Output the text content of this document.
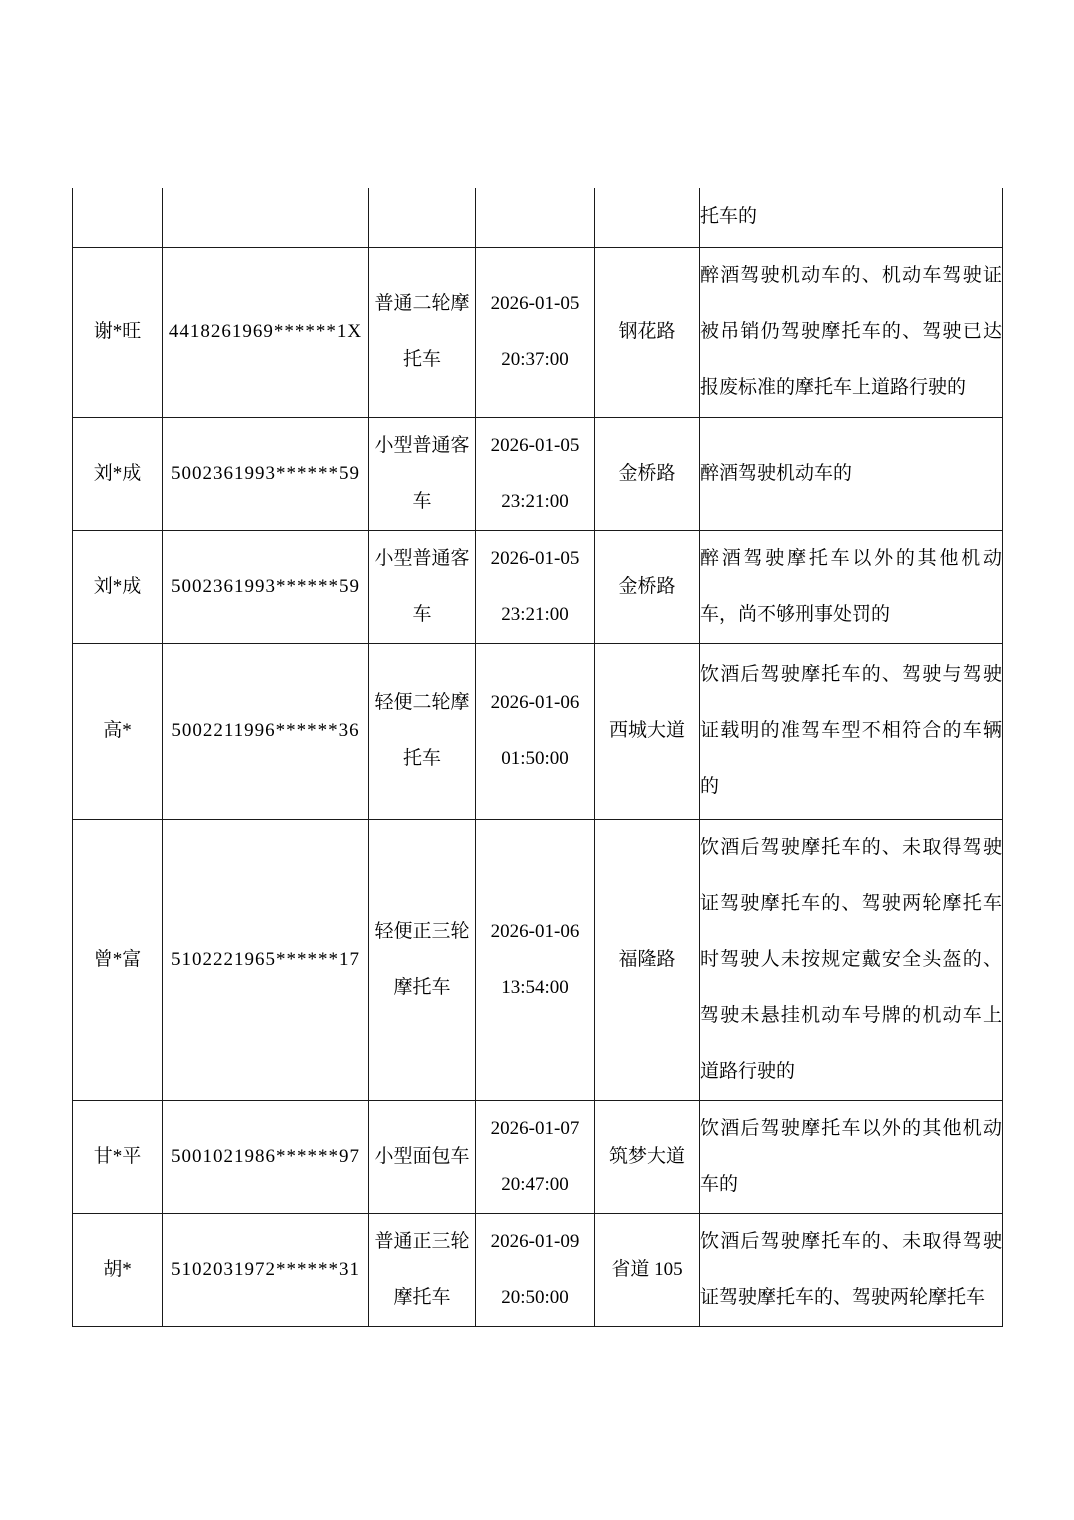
					托车的
谢*旺	4418261969******1X	普通二轮摩托车	2026-01-05 20:37:00	钢花路	醉酒驾驶机动车的、机动车驾驶证被吊销仍驾驶摩托车的、驾驶已达报废标准的摩托车上道路行驶的
刘*成	5002361993******59	小型普通客车	2026-01-05 23:21:00	金桥路	醉酒驾驶机动车的
刘*成	5002361993******59	小型普通客车	2026-01-05 23:21:00	金桥路	醉酒驾驶摩托车以外的其他机动车，尚不够刑事处罚的
高*	5002211996******36	轻便二轮摩托车	2026-01-06 01:50:00	西城大道	饮酒后驾驶摩托车的、驾驶与驾驶证载明的准驾车型不相符合的车辆的
曾*富	5102221965******17	轻便正三轮摩托车	2026-01-06 13:54:00	福隆路	饮酒后驾驶摩托车的、未取得驾驶证驾驶摩托车的、驾驶两轮摩托车时驾驶人未按规定戴安全头盔的、驾驶未悬挂机动车号牌的机动车上道路行驶的
甘*平	5001021986******97	小型面包车	2026-01-07 20:47:00	筑梦大道	饮酒后驾驶摩托车以外的其他机动车的
胡*	5102031972******31	普通正三轮摩托车	2026-01-09 20:50:00	省道 105	饮酒后驾驶摩托车的、未取得驾驶证驾驶摩托车的、驾驶两轮摩托车
